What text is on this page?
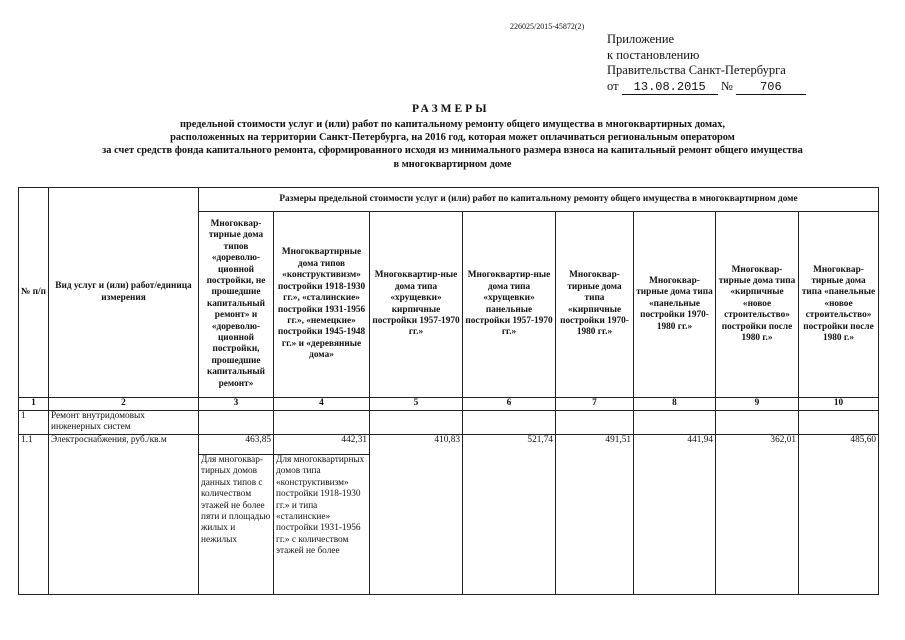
226025/2015-45872(2)
Приложение
к постановлению
Правительства Санкт-Петербурга
от 13.08.2015 № 706
РАЗМЕРЫ
предельной стоимости услуг и (или) работ по капитальному ремонту общего имущества в многоквартирных домах,
расположенных на территории Санкт-Петербурга, на 2016 год, которая может оплачиваться региональным оператором
за счет средств фонда капитального ремонта, сформированного исходя из минимального размера взноса на капитальный ремонт общего имущества
в многоквартирном доме
№ п/п	Вид услуг и (или) работ/единица измерения	Размеры предельной стоимости услуг и (или) работ по капитальному ремонту общего имущества в многоквартирном доме							
		Многоквар-тирные дома типов «дореволю-ционной постройки, не прошедшие капитальный ремонт» и «дореволю-ционной постройки, прошедшие капитальный ремонт»	Многоквартирные дома типов «конструктивизм» постройки 1918-1930 гг.», «сталинские» постройки 1931-1956 гг.», «немецкие» постройки 1945-1948 гг.» и «деревянные дома»	Многоквартир-ные дома типа «хрущевки» кирпичные постройки 1957-1970 гг.»	Многоквартир-ные дома типа «хрущевки» панельные постройки 1957-1970 гг.»	Многоквар-тирные дома типа «кирпичные постройки 1970-1980 гг.»	Многоквар-тирные дома типа «панельные постройки 1970-1980 гг.»	Многоквар-тирные дома типа «кирпичные «новое строительство» постройки после 1980 г.»	Многоквар-тирные дома типа «панельные «новое строительство» постройки после 1980 г.»
1	2	3	4	5	6	7	8	9	10
1	Ремонт внутридомовых инженерных систем								
1.1	Электроснабжения, руб./кв.м	463,85	442,31	410,83	521,74	491,51	441,94	362,01	485,60
		Для многоквар-тирных домов данных типов с количеством этажей не более пяти и площадью жилых и нежилых	Для многоквартирных домов типа «конструктивизм» постройки 1918-1930 гг.» и типа «сталинские» постройки 1931-1956 гг.» с количеством этажей не более						
